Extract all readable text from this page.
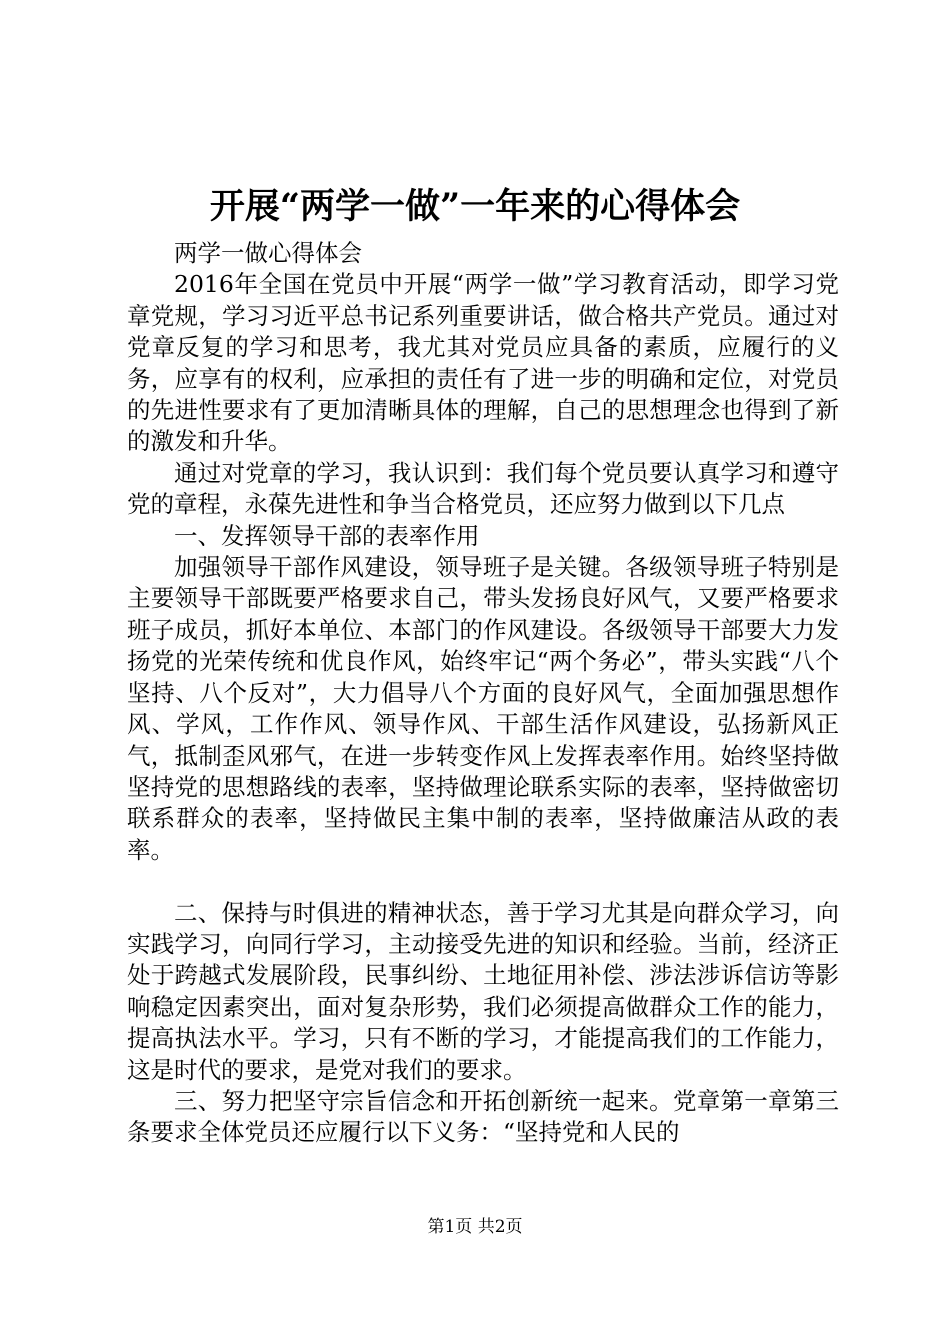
开展“两学一做”一年来的心得体会

两学一做心得体会

2016年全国在党员中开展“两学一做”学习教育活动，即学习党章党规，学习习近平总书记系列重要讲话，做合格共产党员。通过对党章反复的学习和思考，我尤其对党员应具备的素质，应履行的义务，应享有的权利，应承担的责任有了进一步的明确和定位，对党员的先进性要求有了更加清晰具体的理解，自己的思想理念也得到了新的激发和升华。

通过对党章的学习，我认识到：我们每个党员要认真学习和遵守党的章程，永葆先进性和争当合格党员，还应努力做到以下几点

一、发挥领导干部的表率作用

加强领导干部作风建设，领导班子是关键。各级领导班子特别是主要领导干部既要严格要求自己，带头发扬良好风气，又要严格要求班子成员，抓好本单位、本部门的作风建设。各级领导干部要大力发扬党的光荣传统和优良作风，始终牢记“两个务必”，带头实践“八个坚持、八个反对”，大力倡导八个方面的良好风气，全面加强思想作风、学风，工作作风、领导作风、干部生活作风建设，弘扬新风正气，抵制歪风邪气，在进一步转变作风上发挥表率作用。始终坚持做坚持党的思想路线的表率，坚持做理论联系实际的表率，坚持做密切联系群众的表率，坚持做民主集中制的表率，坚持做廉洁从政的表率。

二、保持与时俱进的精神状态，善于学习尤其是向群众学习，向实践学习，向同行学习，主动接受先进的知识和经验。当前，经济正处于跨越式发展阶段，民事纠纷、土地征用补偿、涉法涉诉信访等影响稳定因素突出，面对复杂形势，我们必须提高做群众工作的能力，提高执法水平。学习，只有不断的学习，才能提高我们的工作能力，这是时代的要求，是党对我们的要求。

三、努力把坚守宗旨信念和开拓创新统一起来。党章第一章第三条要求全体党员还应履行以下义务：“坚持党和人民的

第1页 共2页
